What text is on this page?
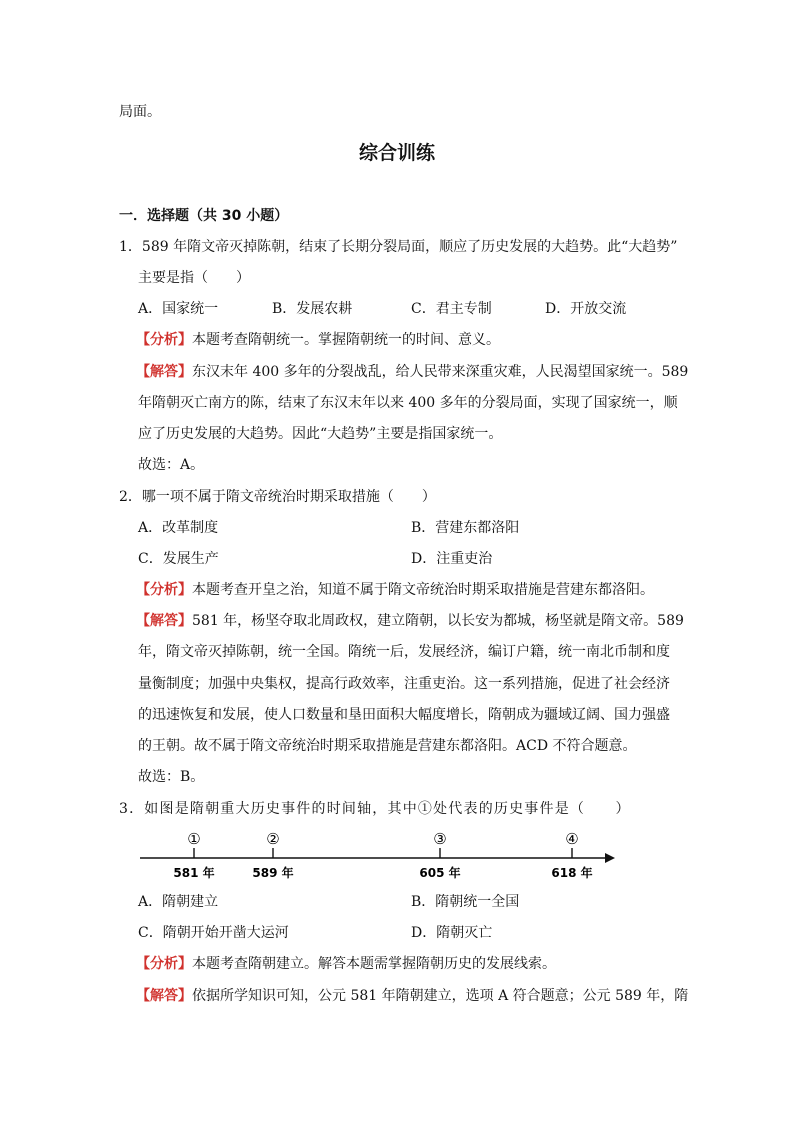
局面。
综合训练
一．选择题（共 30 小题）
1．589 年隋文帝灭掉陈朝，结束了长期分裂局面，顺应了历史发展的大趋势。此“大趋势”
主要是指（　　）
A．国家统一	B．发展农耕	C．君主专制	D．开放交流
【分析】本题考查隋朝统一。掌握隋朝统一的时间、意义。
【解答】东汉末年 400 多年的分裂战乱，给人民带来深重灾难，人民渴望国家统一。589
年隋朝灭亡南方的陈，结束了东汉末年以来 400 多年的分裂局面，实现了国家统一，顺
应了历史发展的大趋势。因此“大趋势”主要是指国家统一。
故选：A。
2．哪一项不属于隋文帝统治时期采取措施（　　）
A．改革制度	B．营建东都洛阳
C．发展生产	D．注重吏治
【分析】本题考查开皇之治，知道不属于隋文帝统治时期采取措施是营建东都洛阳。
【解答】581 年，杨坚夺取北周政权，建立隋朝，以长安为都城，杨坚就是隋文帝。589
年，隋文帝灭掉陈朝，统一全国。隋统一后，发展经济，编订户籍，统一南北币制和度
量衡制度；加强中央集权，提高行政效率，注重吏治。这一系列措施，促进了社会经济
的迅速恢复和发展，使人口数量和垦田面积大幅度增长，隋朝成为疆域辽阔、国力强盛
的王朝。故不属于隋文帝统治时期采取措施是营建东都洛阳。ACD 不符合题意。
故选：B。
3．如图是隋朝重大历史事件的时间轴，其中①处代表的历史事件是（　　）
①
581 年
②
589 年
③
605 年
④
618 年
A．隋朝建立	B．隋朝统一全国
C．隋朝开始开凿大运河	D．隋朝灭亡
【分析】本题考查隋朝建立。解答本题需掌握隋朝历史的发展线索。
【解答】依据所学知识可知，公元 581 年隋朝建立，选项 A 符合题意；公元 589 年，隋
